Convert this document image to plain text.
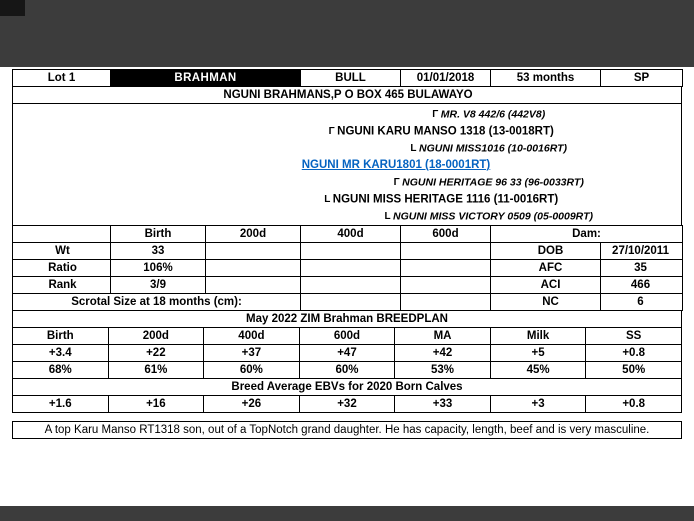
Lot 1	BRAHMAN	BULL	01/01/2018	53 months	SP
NGUNI BRAHMANS,P O BOX 465 BULAWAYO
Γ MR. V8 442/6 (442V8)
Γ NGUNI KARU MANSO 1318 (13-0018RT)
L NGUNI MISS1016 (10-0016RT)
NGUNI MR KARU1801 (18-0001RT)
Γ NGUNI HERITAGE 96 33 (96-0033RT)
L NGUNI MISS HERITAGE 1116 (11-0016RT)
L NGUNI MISS VICTORY 0509 (05-0009RT)
	Birth	200d	400d	600d	Dam:	
Wt	33				DOB	27/10/2011
Ratio	106%				AFC	35
Rank	3/9				ACI	466
Scrotal Size at 18 months (cm):					NC	6
May 2022 ZIM Brahman BREEDPLAN
Birth	200d	400d	600d	MA	Milk	SS
+3.4	+22	+37	+47	+42	+5	+0.8
68%	61%	60%	60%	53%	45%	50%
Breed Average EBVs for 2020 Born Calves
+1.6	+16	+26	+32	+33	+3	+0.8
A top Karu Manso RT1318 son, out of a TopNotch grand daughter. He has capacity, length, beef and is very masculine.
